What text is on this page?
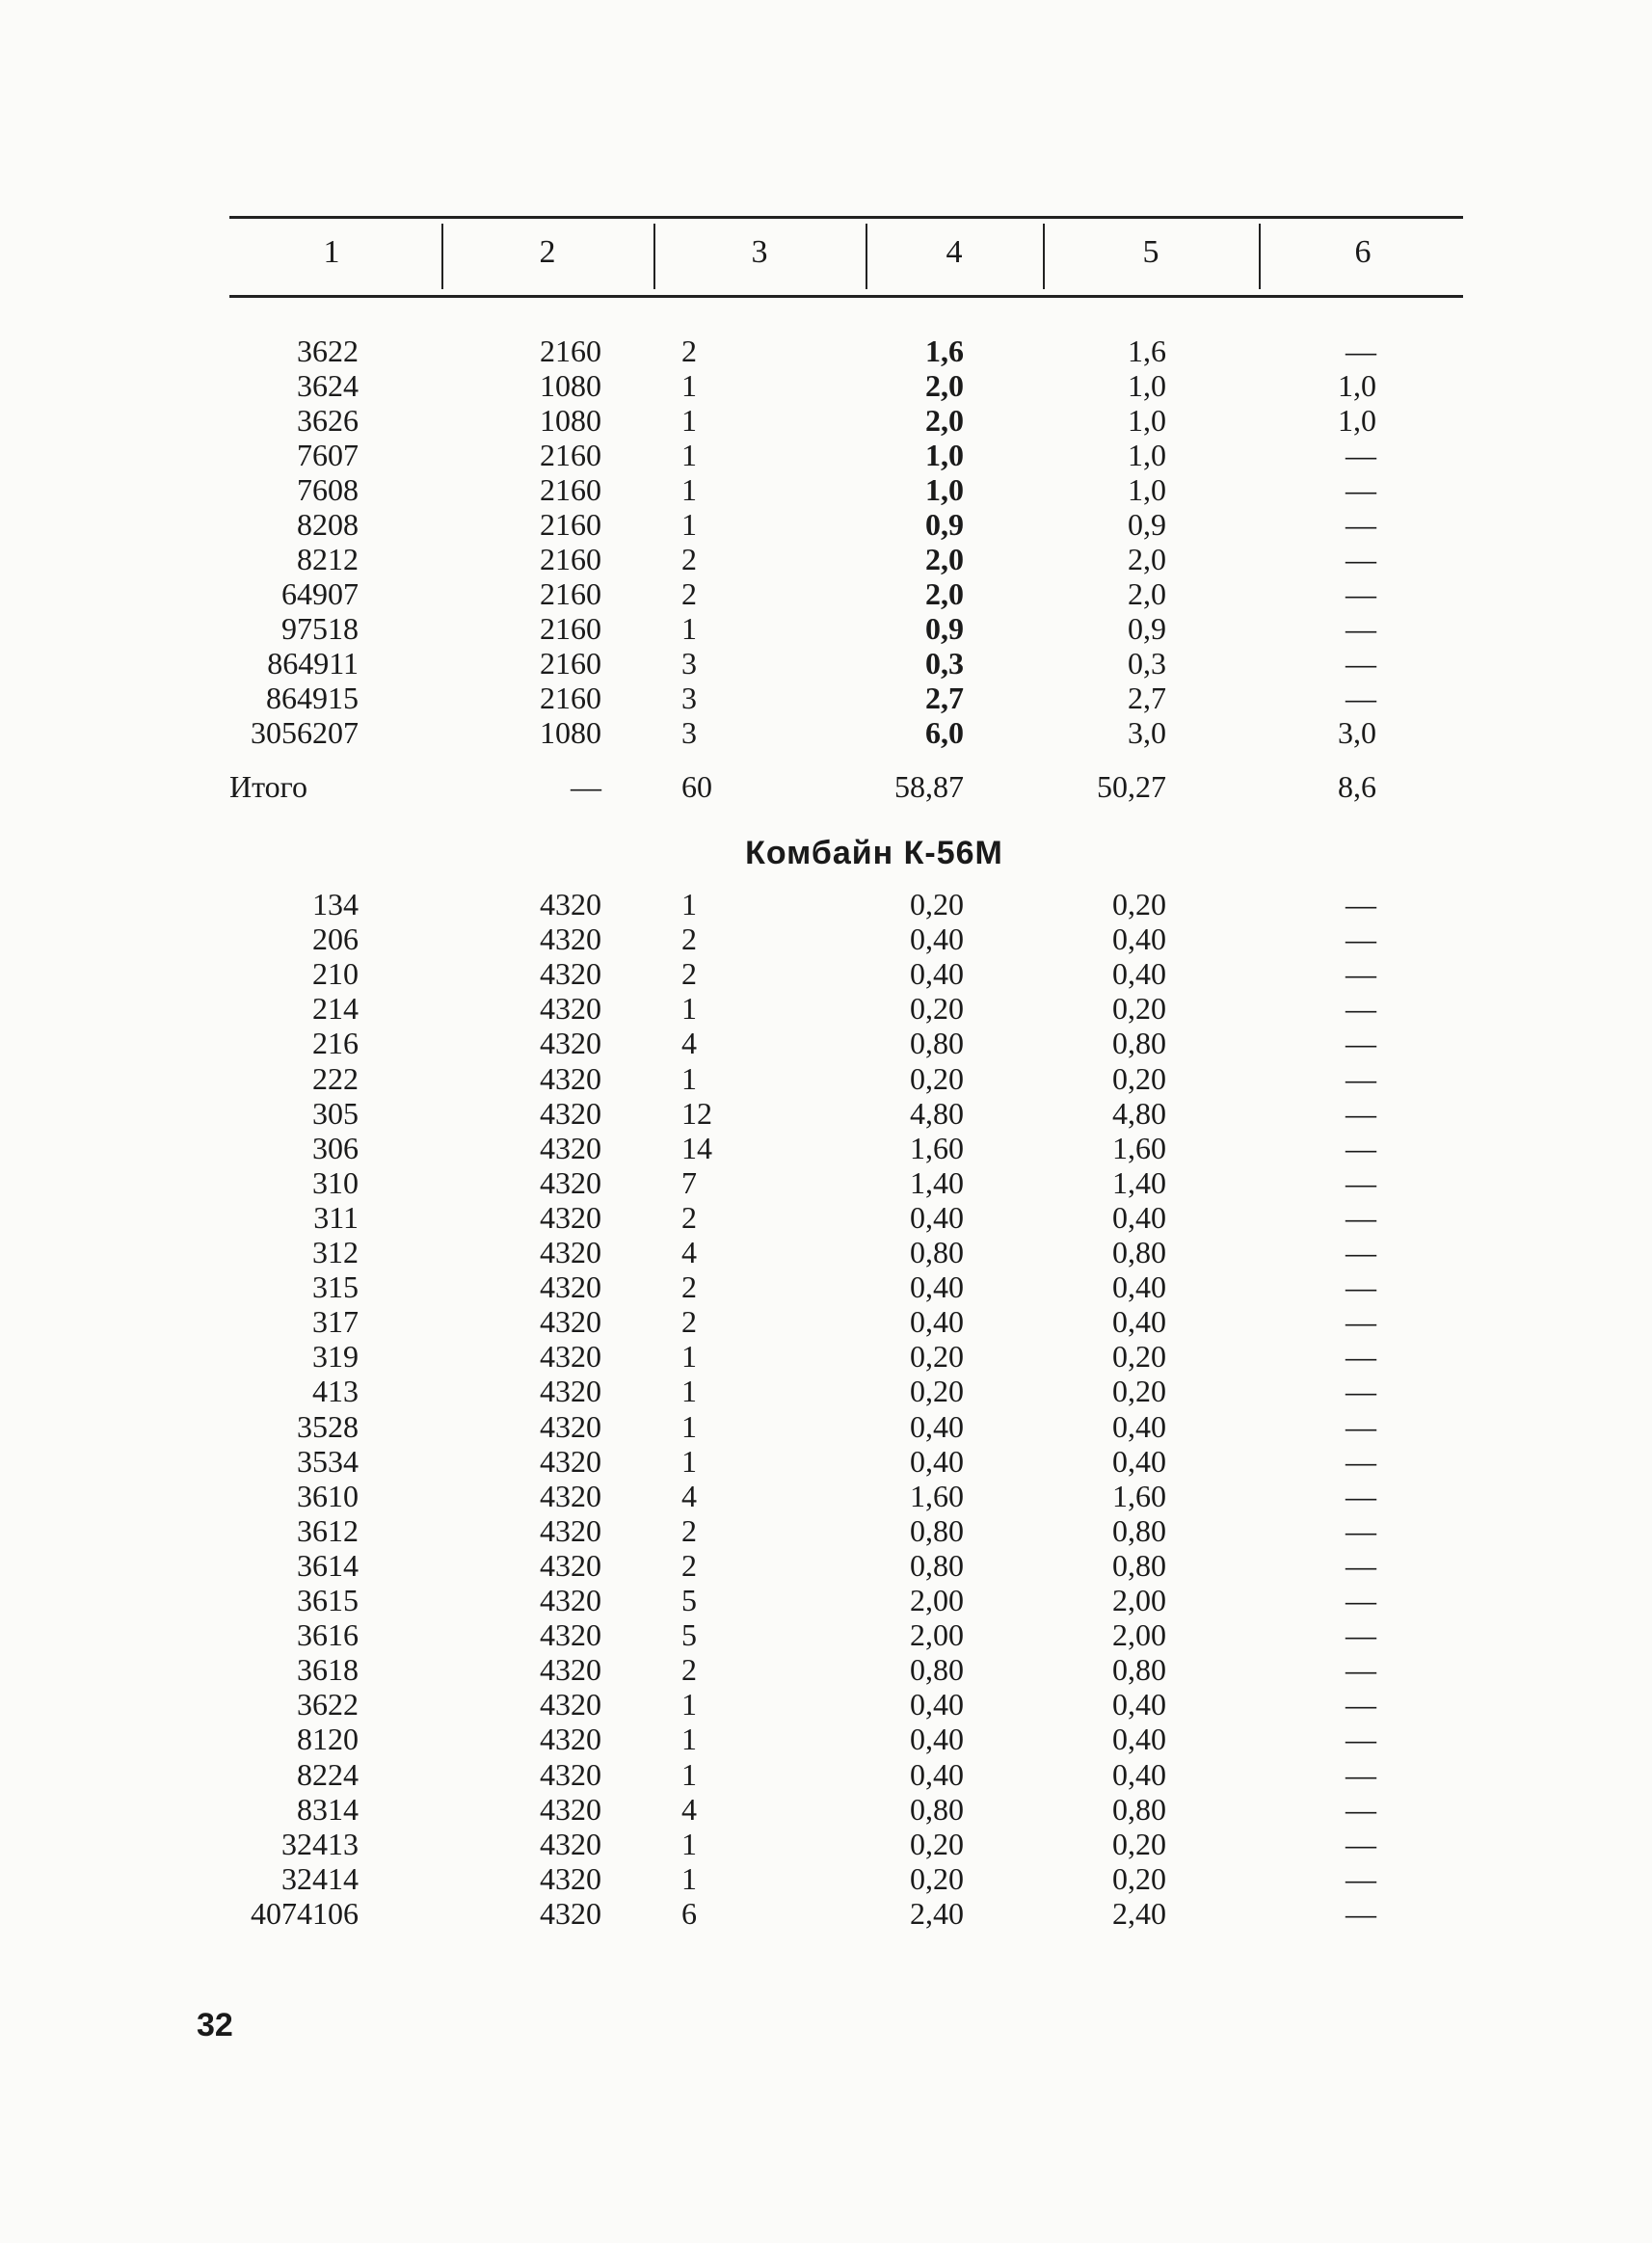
1	2	3	4	5	6
3622	2160	2	1,6	1,6	—
3624	1080	1	2,0	1,0	1,0
3626	1080	1	2,0	1,0	1,0
7607	2160	1	1,0	1,0	—
7608	2160	1	1,0	1,0	—
8208	2160	1	0,9	0,9	—
8212	2160	2	2,0	2,0	—
64907	2160	2	2,0	2,0	—
97518	2160	1	0,9	0,9	—
864911	2160	3	0,3	0,3	—
864915	2160	3	2,7	2,7	—
3056207	1080	3	6,0	3,0	3,0
Итого	—	60	58,87	50,27	8,6
Комбайн К-56М
134	4320	1	0,20	0,20	—
206	4320	2	0,40	0,40	—
210	4320	2	0,40	0,40	—
214	4320	1	0,20	0,20	—
216	4320	4	0,80	0,80	—
222	4320	1	0,20	0,20	—
305	4320	12	4,80	4,80	—
306	4320	14	1,60	1,60	—
310	4320	7	1,40	1,40	—
311	4320	2	0,40	0,40	—
312	4320	4	0,80	0,80	—
315	4320	2	0,40	0,40	—
317	4320	2	0,40	0,40	—
319	4320	1	0,20	0,20	—
413	4320	1	0,20	0,20	—
3528	4320	1	0,40	0,40	—
3534	4320	1	0,40	0,40	—
3610	4320	4	1,60	1,60	—
3612	4320	2	0,80	0,80	—
3614	4320	2	0,80	0,80	—
3615	4320	5	2,00	2,00	—
3616	4320	5	2,00	2,00	—
3618	4320	2	0,80	0,80	—
3622	4320	1	0,40	0,40	—
8120	4320	1	0,40	0,40	—
8224	4320	1	0,40	0,40	—
8314	4320	4	0,80	0,80	—
32413	4320	1	0,20	0,20	—
32414	4320	1	0,20	0,20	—
4074106	4320	6	2,40	2,40	—
32
